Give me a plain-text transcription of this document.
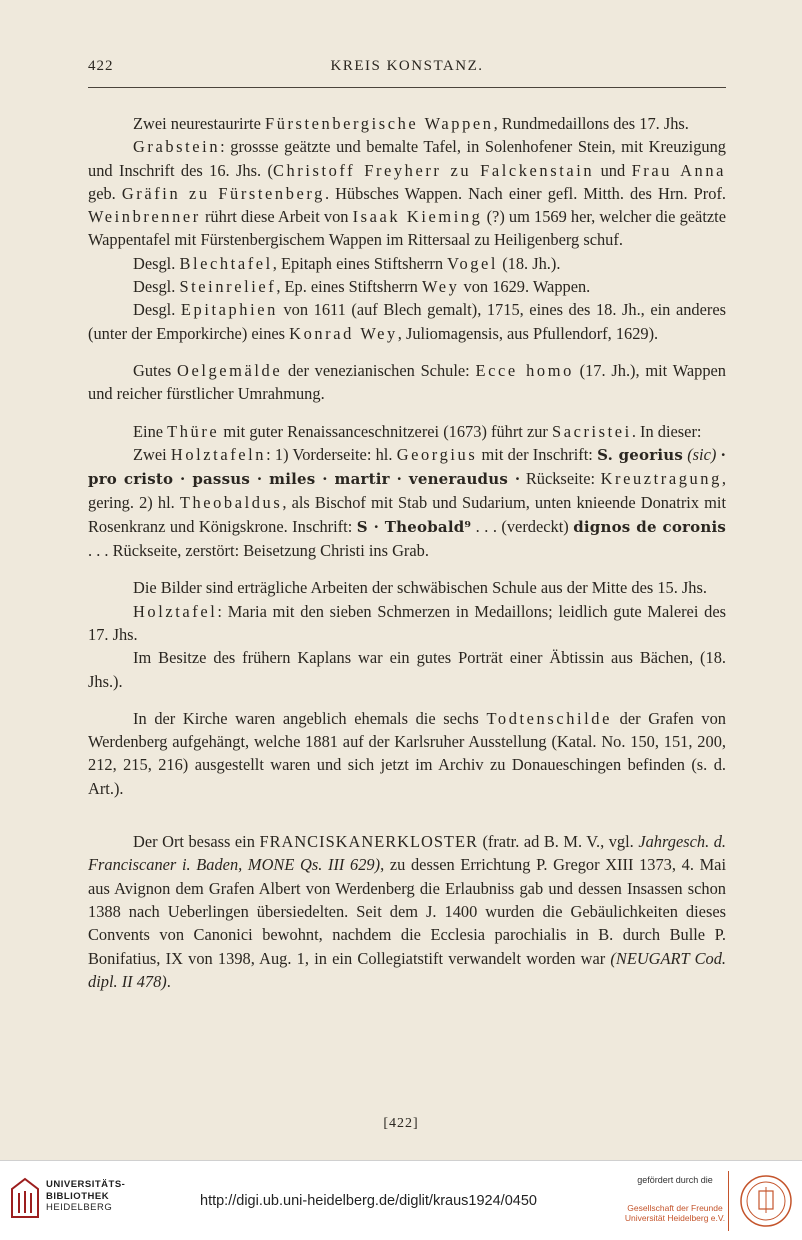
422	KREIS KONSTANZ.

Zwei neurestaurirte Fürstenbergische Wappen, Rundmedaillons des 17. Jhs.

Grabstein: grossse geätzte und bemalte Tafel, in Solenhofener Stein, mit Kreuzigung und Inschrift des 16. Jhs. (Christoff Freyherr zu Falckenstain und Frau Anna geb. Gräfin zu Fürstenberg. Hübsches Wappen. Nach einer gefl. Mitth. des Hrn. Prof. Weinbrenner rührt diese Arbeit von Isaak Kieming (?) um 1569 her, welcher die geätzte Wappentafel mit Fürstenbergischem Wappen im Rittersaal zu Heiligenberg schuf.

Desgl. Blechtafel, Epitaph eines Stiftsherrn Vogel (18. Jh.).

Desgl. Steinrelief, Ep. eines Stiftsherrn Wey von 1629. Wappen.

Desgl. Epitaphien von 1611 (auf Blech gemalt), 1715, eines des 18. Jh., ein anderes (unter der Emporkirche) eines Konrad Wey, Juliomagensis, aus Pfullendorf, 1629).

Gutes Oelgemälde der venezianischen Schule: Ecce homo (17. Jh.), mit Wappen und reicher fürstlicher Umrahmung.

Eine Thüre mit guter Renaissanceschnitzerei (1673) führt zur Sacristei. In dieser:

Zwei Holztafeln: 1) Vorderseite: hl. Georgius mit der Inschrift: S. georius (sic) · pro cristo · passus · miles · martir · veneraudus · Rückseite: Kreuztragung, gering. 2) hl. Theobaldus, als Bischof mit Stab und Sudarium, unten knieende Donatrix mit Rosenkranz und Königskrone. Inschrift: S · Theobald⁹ . . . (verdeckt) dignos de coronis . . . Rückseite, zerstört: Beisetzung Christi ins Grab.

Die Bilder sind erträgliche Arbeiten der schwäbischen Schule aus der Mitte des 15. Jhs.

Holztafel: Maria mit den sieben Schmerzen in Medaillons; leidlich gute Malerei des 17. Jhs.

Im Besitze des frühern Kaplans war ein gutes Porträt einer Äbtissin aus Bächen, (18. Jhs.).

In der Kirche waren angeblich ehemals die sechs Todtenschilde der Grafen von Werdenberg aufgehängt, welche 1881 auf der Karlsruher Ausstellung (Katal. No. 150, 151, 200, 212, 215, 216) ausgestellt waren und sich jetzt im Archiv zu Donaueschingen befinden (s. d. Art.).

Der Ort besass ein FRANCISKANERKLOSTER (fratr. ad B. M. V., vgl. Jahrgesch. d. Franciscaner i. Baden, MONE Qs. III 629), zu dessen Errichtung P. Gregor XIII 1373, 4. Mai aus Avignon dem Grafen Albert von Werdenberg die Erlaubniss gab und dessen Insassen schon 1388 nach Ueberlingen übersiedelten. Seit dem J. 1400 wurden die Gebäulichkeiten dieses Convents von Canonici bewohnt, nachdem die Ecclesia parochialis in B. durch Bulle P. Bonifatius, IX von 1398, Aug. 1, in ein Collegiatstift verwandelt worden war (NEUGART Cod. dipl. II 478).

[422]
UNIVERSITÄTS-
BIBLIOTHEK
HEIDELBERG	http://digi.ub.uni-heidelberg.de/diglit/kraus1924/0450
gefördert durch die
Gesellschaft der Freunde
Universität Heidelberg e.V.
